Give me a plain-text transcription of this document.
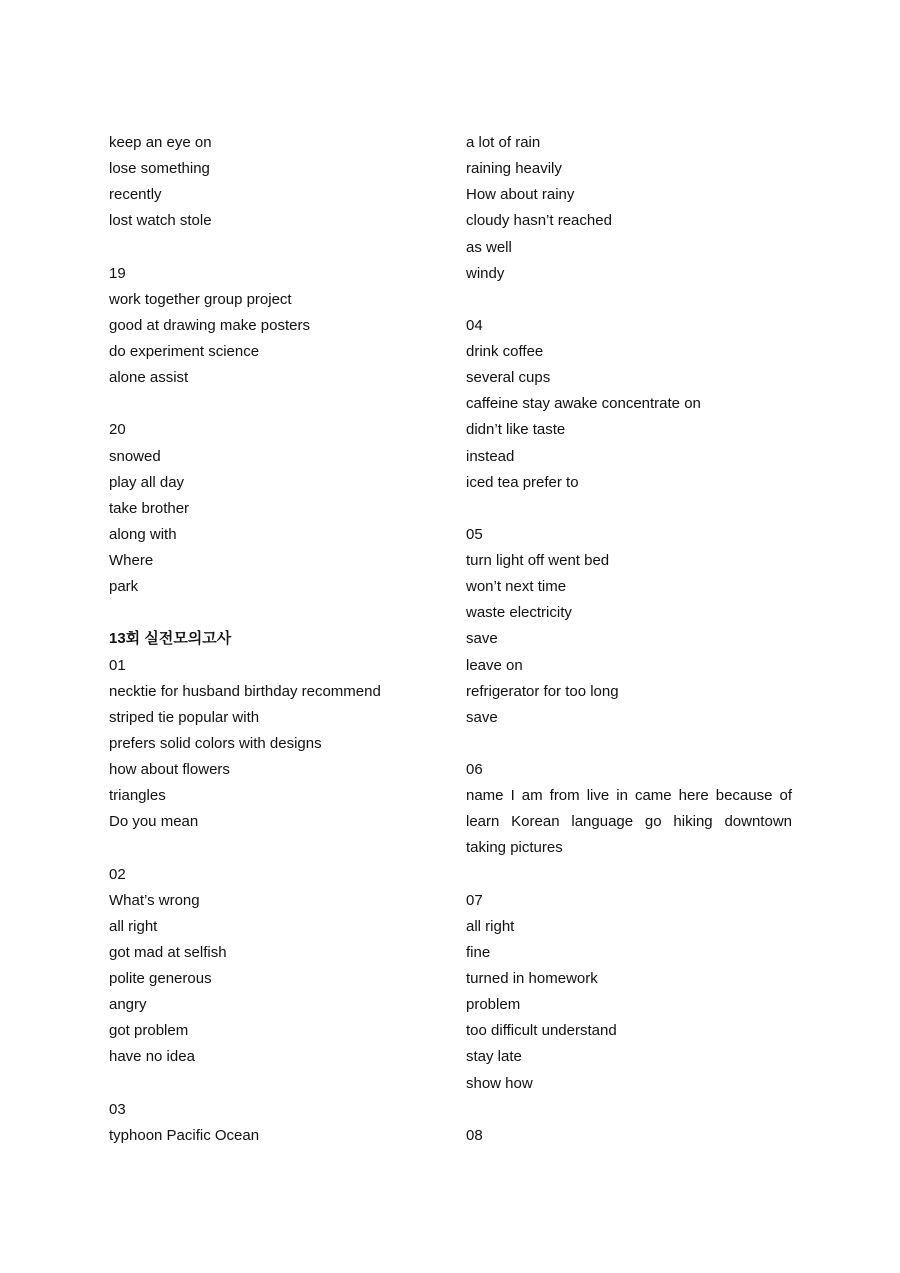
keep an eye on
lose something
recently
lost watch stole
19
work together group project
good at drawing make posters
do experiment science
alone assist
20
snowed
play all day
take brother
along with
Where
park
13회 실전모의고사
01
necktie for husband birthday recommend
striped tie popular with
prefers solid colors with designs
how about flowers
triangles
Do you mean
02
What’s wrong
all right
got mad at selfish
polite generous
angry
got problem
have no idea
03
typhoon Pacific Ocean
a lot of rain
raining heavily
How about rainy
cloudy hasn’t reached
as well
windy
04
drink coffee
several cups
caffeine stay awake concentrate on
didn’t like taste
instead
iced tea prefer to
05
turn light off went bed
won’t next time
waste electricity
save
leave on
refrigerator for too long
save
06
name I am from live in came here because of learn Korean language go hiking downtown taking pictures
07
all right
fine
turned in homework
problem
too difficult understand
stay late
show how
08
